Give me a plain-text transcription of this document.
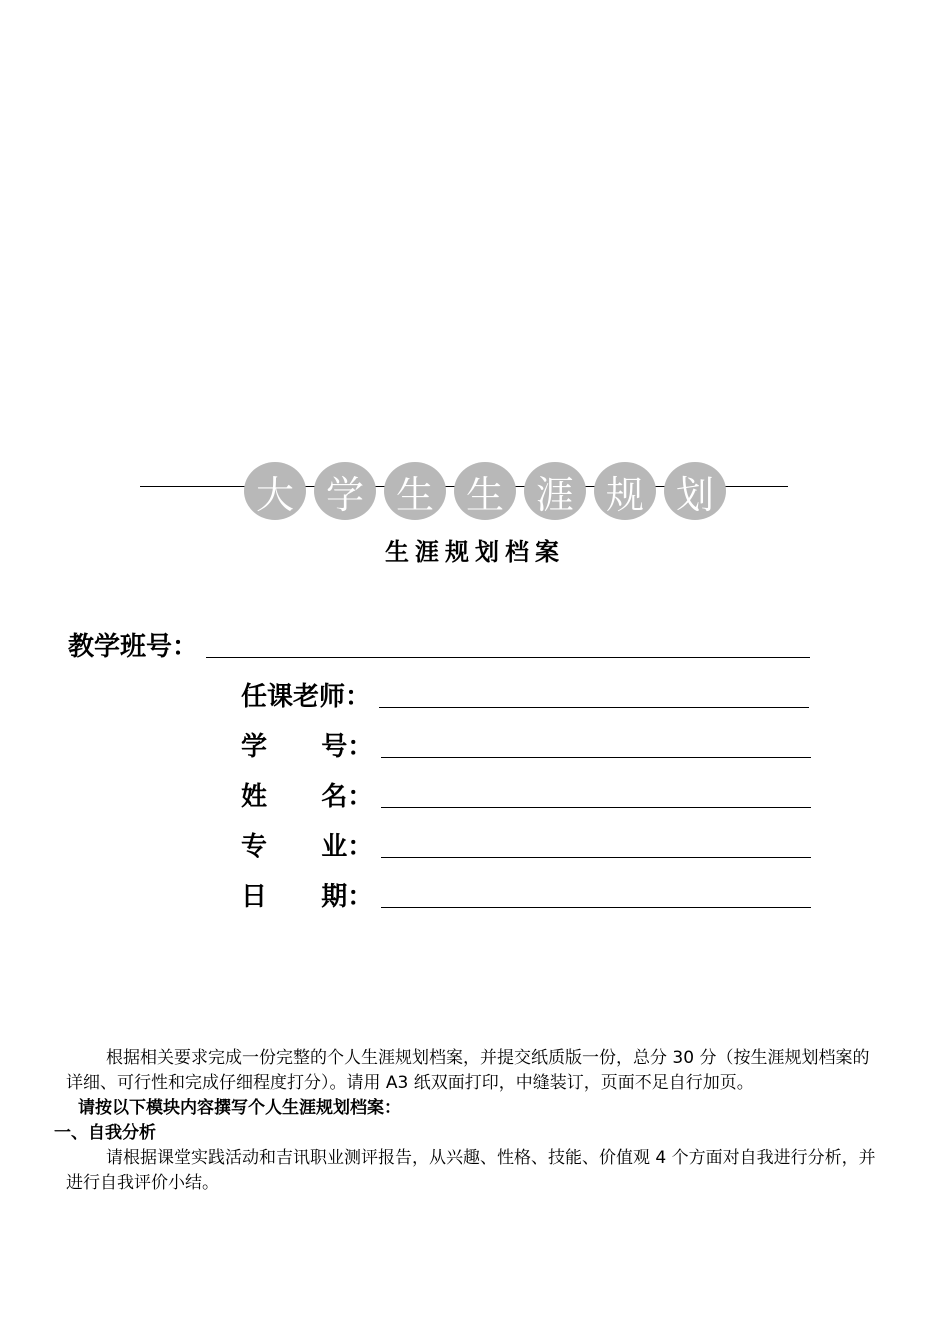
大 学 生 生 涯 规 划
生涯规划档案
教学班号：
任课老师：
学      号：
姓      名：
专      业：
日      期：

根据相关要求完成一份完整的个人生涯规划档案，并提交纸质版一份，总分 30 分（按生涯规划档案的详细、可行性和完成仔细程度打分）。请用 A3 纸双面打印，中缝装订，页面不足自行加页。

请按以下模块内容撰写个人生涯规划档案：

一、自我分析

请根据课堂实践活动和吉讯职业测评报告，从兴趣、性格、技能、价值观 4 个方面对自我进行分析，并进行自我评价小结。
